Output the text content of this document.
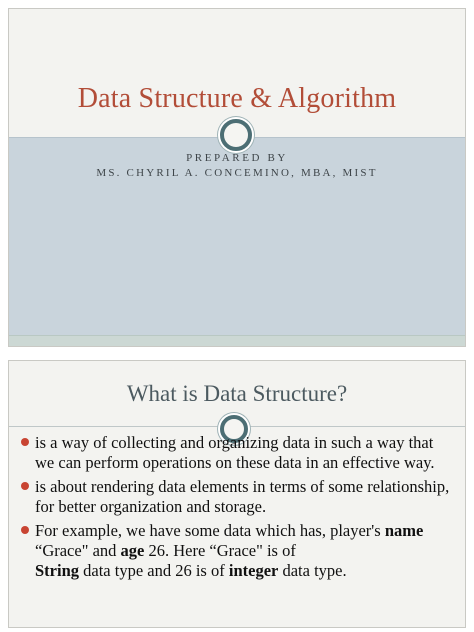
Data Structure & Algorithm
PREPARED BY
MS. CHYRIL A. CONCEMINO, MBA, MIST
What is Data Structure?
is a way of collecting and organizing data in such a way that we can perform operations on these data in an effective way.
is about rendering data elements in terms of some relationship, for better organization and storage.
For example, we have some data which has, player's name “Grace" and age 26. Here “Grace" is of
String data type and 26 is of integer data type.
